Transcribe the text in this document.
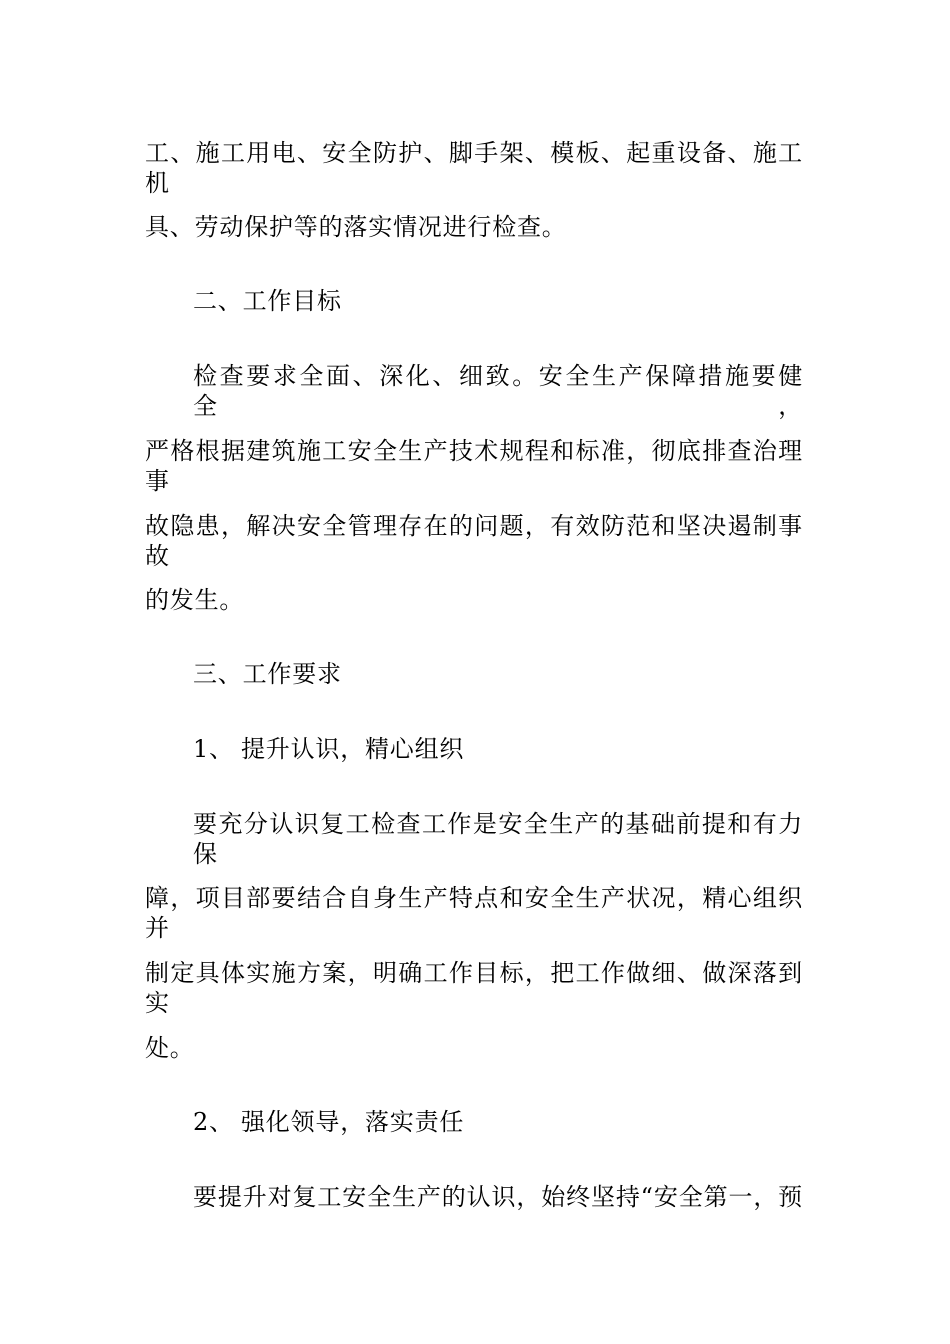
工、施工用电、安全防护、脚手架、模板、起重设备、施工机
具、劳动保护等的落实情况进行检查。
二、工作目标
检查要求全面、深化、细致。安全生产保障措施要健全，
严格根据建筑施工安全生产技术规程和标准，彻底排查治理事
故隐患，解决安全管理存在的问题，有效防范和坚决遏制事故
的发生。
三、工作要求
1、 提升认识，精心组织
要充分认识复工检查工作是安全生产的基础前提和有力保
障，项目部要结合自身生产特点和安全生产状况，精心组织并
制定具体实施方案，明确工作目标，把工作做细、做深落到实
处。
2、 强化领导，落实责任
要提升对复工安全生产的认识，始终坚持“安全第一，预
